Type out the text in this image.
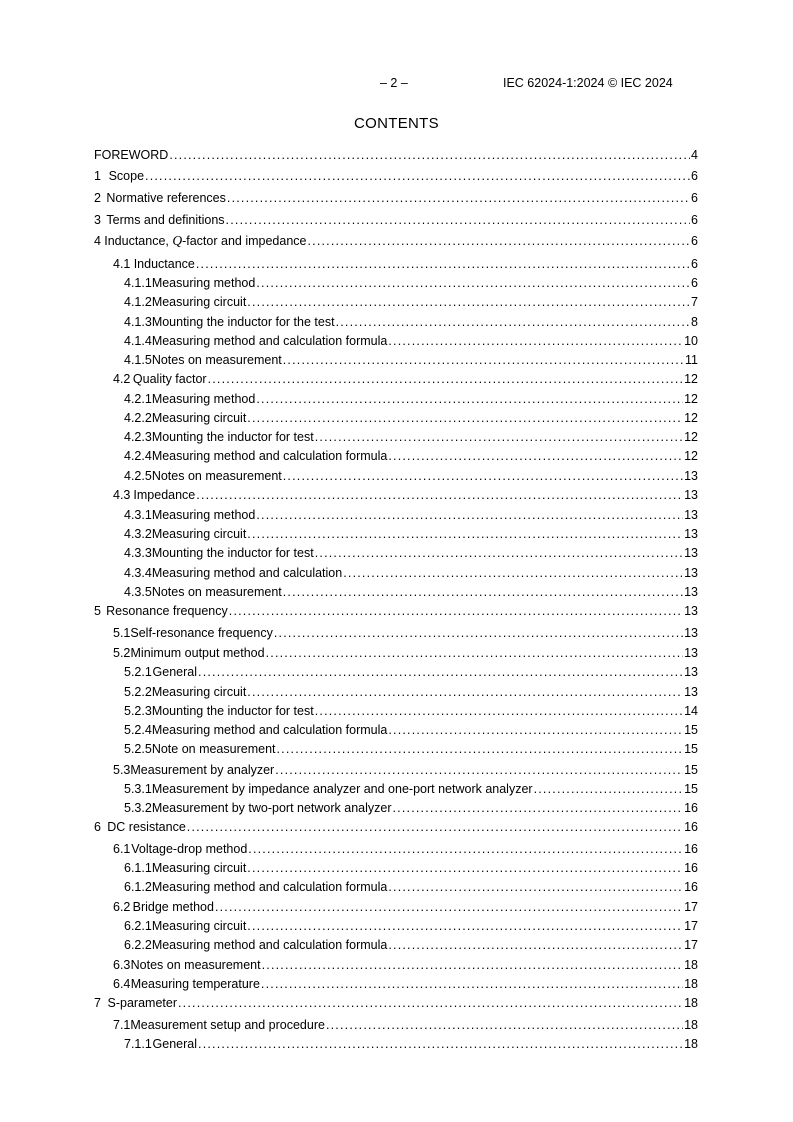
– 2 –	IEC 62024-1:2024 © IEC 2024
CONTENTS
FOREWORD .....	4
1 Scope .....	6
2 Normative references .....	6
3 Terms and definitions .....	6
4 Inductance, Q-factor and impedance .....	6
4.1 Inductance .....	6
4.1.1 Measuring method .....	6
4.1.2 Measuring circuit .....	7
4.1.3 Mounting the inductor for the test .....	8
4.1.4 Measuring method and calculation formula .....	10
4.1.5 Notes on measurement .....	11
4.2 Quality factor .....	12
4.2.1 Measuring method .....	12
4.2.2 Measuring circuit .....	12
4.2.3 Mounting the inductor for test .....	12
4.2.4 Measuring method and calculation formula .....	12
4.2.5 Notes on measurement .....	13
4.3 Impedance .....	13
4.3.1 Measuring method .....	13
4.3.2 Measuring circuit .....	13
4.3.3 Mounting the inductor for test .....	13
4.3.4 Measuring method and calculation .....	13
4.3.5 Notes on measurement .....	13
5 Resonance frequency .....	13
5.1 Self-resonance frequency .....	13
5.2 Minimum output method .....	13
5.2.1 General .....	13
5.2.2 Measuring circuit .....	13
5.2.3 Mounting the inductor for test .....	14
5.2.4 Measuring method and calculation formula .....	15
5.2.5 Note on measurement .....	15
5.3 Measurement by analyzer .....	15
5.3.1 Measurement by impedance analyzer and one-port network analyzer .....	15
5.3.2 Measurement by two-port network analyzer .....	16
6 DC resistance .....	16
6.1 Voltage-drop method .....	16
6.1.1 Measuring circuit .....	16
6.1.2 Measuring method and calculation formula .....	16
6.2 Bridge method .....	17
6.2.1 Measuring circuit .....	17
6.2.2 Measuring method and calculation formula .....	17
6.3 Notes on measurement .....	18
6.4 Measuring temperature .....	18
7 S-parameter .....	18
7.1 Measurement setup and procedure .....	18
7.1.1 General .....	18
